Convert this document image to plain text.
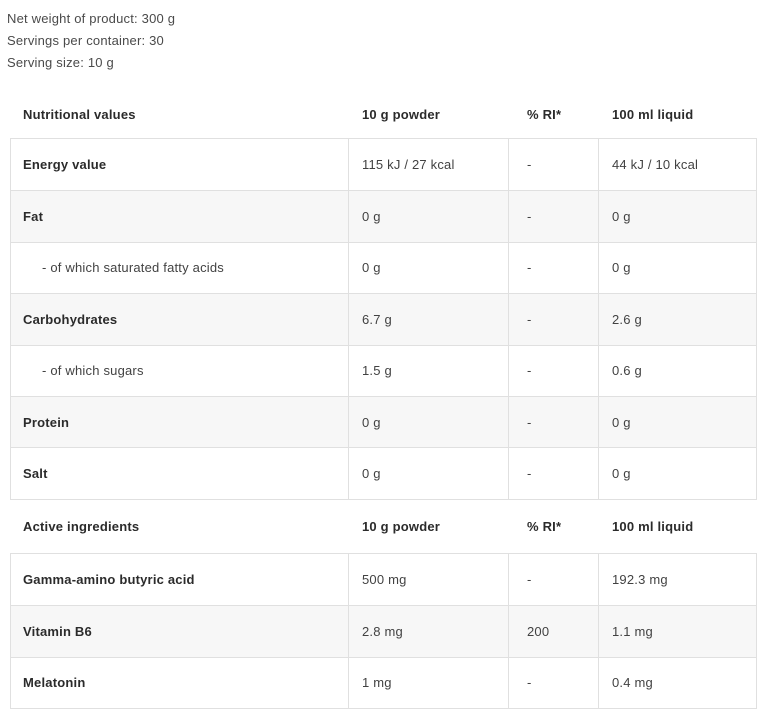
Net weight of product: 300 g

Servings per container: 30

Serving size: 10 g

Nutritional values	10 g powder	% RI*	100 ml liquid
Energy value	115 kJ / 27 kcal	-	44 kJ / 10 kcal
Fat	0 g	-	0 g
- of which saturated fatty acids	0 g	-	0 g
Carbohydrates	6.7 g	-	2.6 g
- of which sugars	1.5 g	-	0.6 g
Protein	0 g	-	0 g
Salt	0 g	-	0 g
Active ingredients	10 g powder	% RI*	100 ml liquid
Gamma-amino butyric acid	500 mg	-	192.3 mg
Vitamin B6	2.8 mg	200	1.1 mg
Melatonin	1 mg	-	0.4 mg
